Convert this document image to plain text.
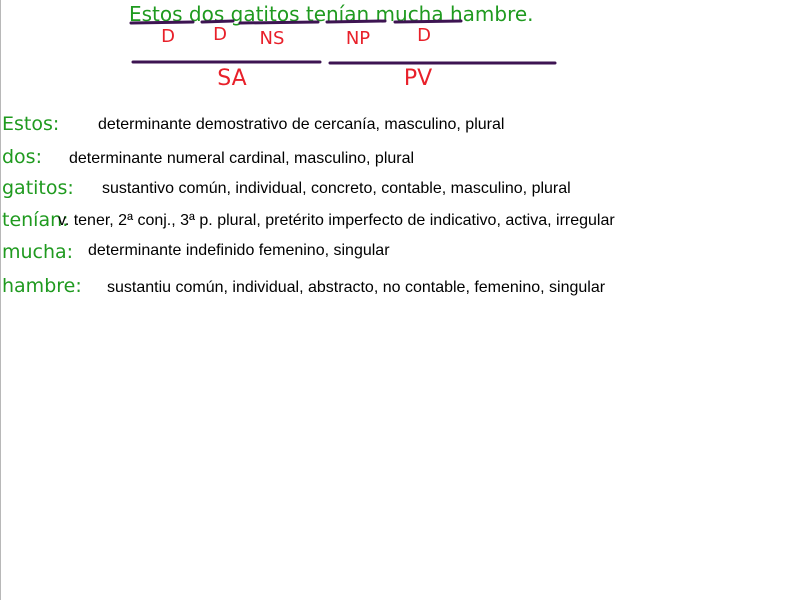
Estos dos gatitos tenían mucha hambre.
D D NS	NP	D
SA	PV
Estos: determinante demostrativo de cercanía, masculino, plural
dos: determinante numeral cardinal, masculino, plural
gatitos: sustantivo común, individual, concreto, contable, masculino, plural
tenían:
v. tener, 2ª conj., 3ª p. plural, pretérito imperfecto de indicativo, activa, irregular
mucha: determinante indefinido femenino, singular
hambre: sustantiu común, individual, abstracto, no contable, femenino, singular
